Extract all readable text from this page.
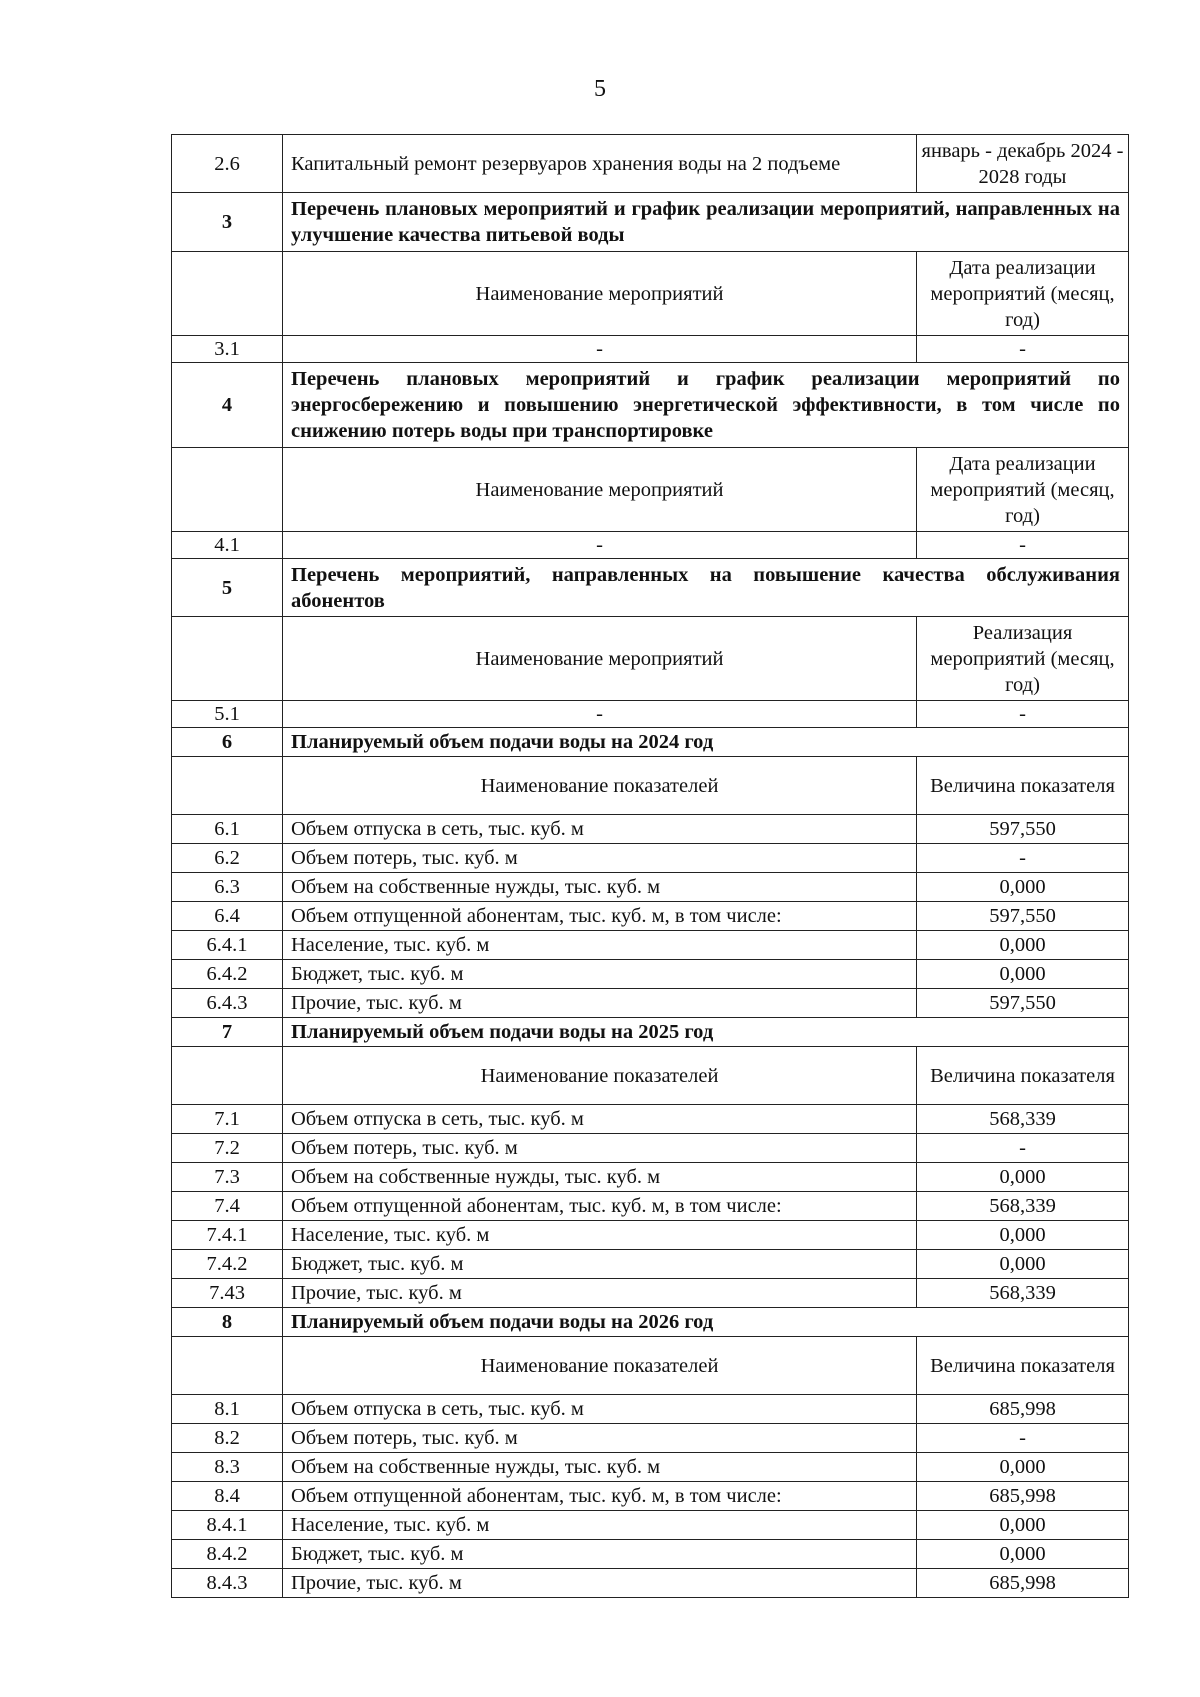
5
2.6	Капитальный ремонт резервуаров хранения воды на 2 подъеме	январь - декабрь 2024 - 2028 годы
3	Перечень плановых мероприятий и график реализации мероприятий, направленных на улучшение качества питьевой воды	
	Наименование мероприятий	Дата реализации мероприятий (месяц, год)
3.1	-	-
4	Перечень плановых мероприятий и график реализации мероприятий по энергосбережению и повышению энергетической эффективности, в том числе по снижению потерь воды при транспортировке	
	Наименование мероприятий	Дата реализации мероприятий (месяц, год)
4.1	-	-
5	Перечень мероприятий, направленных на повышение качества обслуживания абонентов	
	Наименование мероприятий	Реализация мероприятий (месяц, год)
5.1	-	-
6	Планируемый объем подачи воды на 2024 год	
	Наименование показателей	Величина показателя
6.1	Объем отпуска в сеть, тыс. куб. м	597,550
6.2	Объем потерь, тыс. куб. м	-
6.3	Объем на собственные нужды, тыс. куб. м	0,000
6.4	Объем отпущенной абонентам, тыс. куб. м, в том числе:	597,550
6.4.1	Население, тыс. куб. м	0,000
6.4.2	Бюджет, тыс. куб. м	0,000
6.4.3	Прочие, тыс. куб. м	597,550
7	Планируемый объем подачи воды на 2025 год	
	Наименование показателей	Величина показателя
7.1	Объем отпуска в сеть, тыс. куб. м	568,339
7.2	Объем потерь, тыс. куб. м	-
7.3	Объем на собственные нужды, тыс. куб. м	0,000
7.4	Объем отпущенной абонентам, тыс. куб. м, в том числе:	568,339
7.4.1	Население, тыс. куб. м	0,000
7.4.2	Бюджет, тыс. куб. м	0,000
7.43	Прочие, тыс. куб. м	568,339
8	Планируемый объем подачи воды на 2026 год	
	Наименование показателей	Величина показателя
8.1	Объем отпуска в сеть, тыс. куб. м	685,998
8.2	Объем потерь, тыс. куб. м	-
8.3	Объем на собственные нужды, тыс. куб. м	0,000
8.4	Объем отпущенной абонентам, тыс. куб. м, в том числе:	685,998
8.4.1	Население, тыс. куб. м	0,000
8.4.2	Бюджет, тыс. куб. м	0,000
8.4.3	Прочие, тыс. куб. м	685,998
